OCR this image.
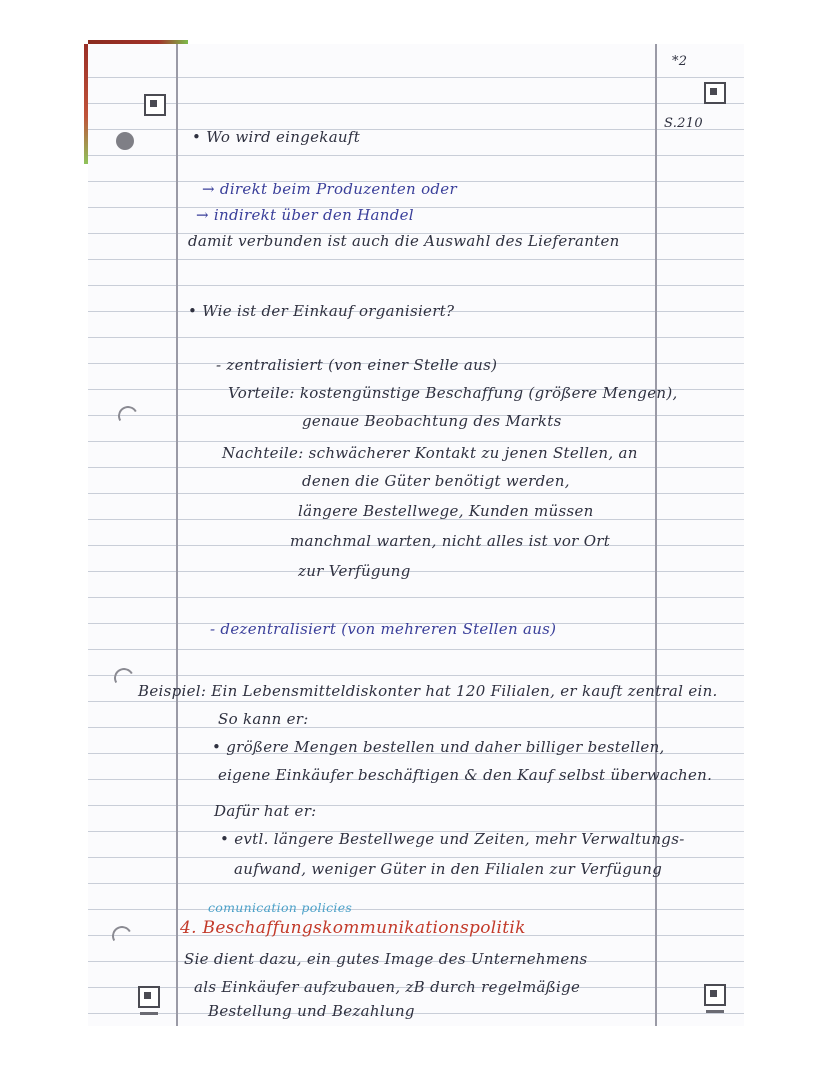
*2
S.210
• Wo wird eingekauft
→ direkt beim Produzenten oder
→ indirekt über den Handel
damit verbunden ist auch die Auswahl des Lieferanten
• Wie ist der Einkauf organisiert?
- zentralisiert (von einer Stelle aus)
Vorteile: kostengünstige Beschaffung (größere Mengen),
genaue Beobachtung des Markts
Nachteile: schwächerer Kontakt zu jenen Stellen, an
denen die Güter benötigt werden,
längere Bestellwege, Kunden müssen
manchmal warten, nicht alles ist vor Ort
zur Verfügung
- dezentralisiert (von mehreren Stellen aus)
Beispiel: Ein Lebensmitteldiskonter hat 120 Filialen, er kauft zentral ein.
So kann er:
• größere Mengen bestellen und daher billiger bestellen,
eigene Einkäufer beschäftigen & den Kauf selbst überwachen.
Dafür hat er:
• evtl. längere Bestellwege und Zeiten, mehr Verwaltungs-
aufwand, weniger Güter in den Filialen zur Verfügung
comunication policies
4. Beschaffungskommunikationspolitik
Sie dient dazu, ein gutes Image des Unternehmens
als Einkäufer aufzubauen, zB durch regelmäßige
Bestellung und Bezahlung
